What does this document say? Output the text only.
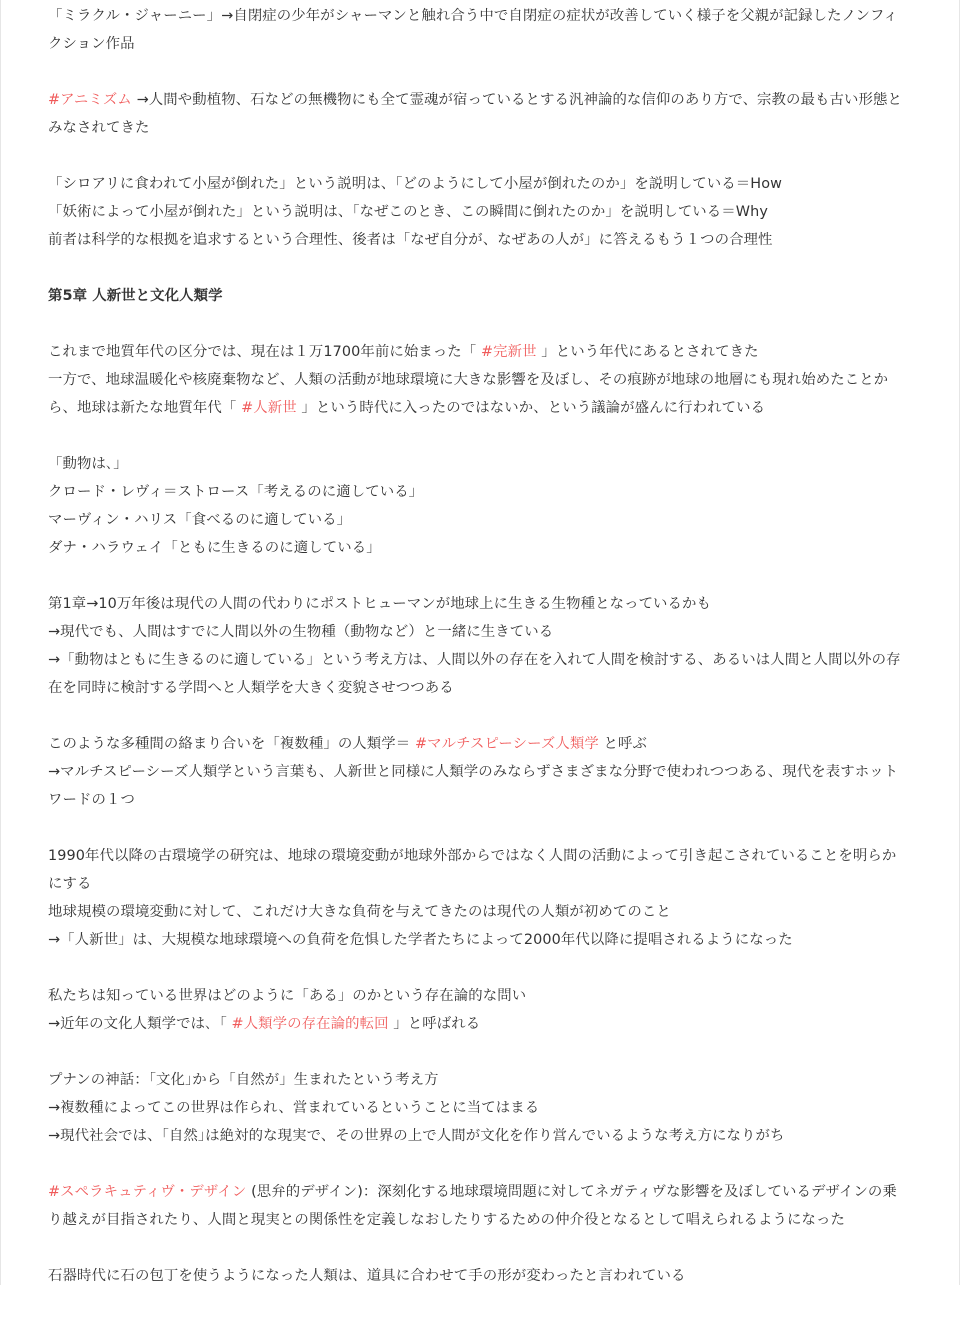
「ミラクル・ジャーニー」→自閉症の少年がシャーマンと触れ合う中で自閉症の症状が改善していく様子を父親が記録したノンフィクション作品
#アニミズム →人間や動植物、石などの無機物にも全て霊魂が宿っているとする汎神論的な信仰のあり方で、宗教の最も古い形態とみなされてきた
「シロアリに食われて小屋が倒れた」という説明は、「どのようにして小屋が倒れたのか」を説明している＝How
「妖術によって小屋が倒れた」という説明は、「なぜこのとき、この瞬間に倒れたのか」を説明している＝Why
前者は科学的な根拠を追求するという合理性、後者は「なぜ自分が、なぜあの人が」に答えるもう１つの合理性
第5章 人新世と文化人類学
これまで地質年代の区分では、現在は１万1700年前に始まった「 #完新世 」という年代にあるとされてきた
一方で、地球温暖化や核廃棄物など、人類の活動が地球環境に大きな影響を及ぼし、その痕跡が地球の地層にも現れ始めたことから、地球は新たな地質年代「 #人新世 」という時代に入ったのではないか、という議論が盛んに行われている
「動物は､」
クロード・レヴィ＝ストロース「考えるのに適している」
マーヴィン・ハリス「食べるのに適している」
ダナ・ハラウェイ「ともに生きるのに適している」
第1章→10万年後は現代の人間の代わりにポストヒューマンが地球上に生きる生物種となっているかも
→現代でも、人間はすでに人間以外の生物種（動物など）と一緒に生きている
→「動物はともに生きるのに適している」という考え方は、人間以外の存在を入れて人間を検討する、あるいは人間と人間以外の存在を同時に検討する学問へと人類学を大きく変貌させつつある
このような多種間の絡まり合いを「複数種」の人類学＝ #マルチスピーシーズ人類学 と呼ぶ
→マルチスピーシーズ人類学という言葉も、人新世と同様に人類学のみならずさまざまな分野で使われつつある、現代を表すホットワードの１つ
1990年代以降の古環境学の研究は、地球の環境変動が地球外部からではなく人間の活動によって引き起こされていることを明らかにする
地球規模の環境変動に対して、これだけ大きな負荷を与えてきたのは現代の人類が初めてのこと
→「人新世」は、大規模な地球環境への負荷を危惧した学者たちによって2000年代以降に提唱されるようになった
私たちは知っている世界はどのように「ある」のかという存在論的な問い
→近年の文化人類学では､「 #人類学の存在論的転回 」と呼ばれる
プナンの神話：｢文化｣から「自然が」生まれたという考え方
→複数種によってこの世界は作られ、営まれているということに当てはまる
→現代社会では、｢自然｣は絶対的な現実で、その世界の上で人間が文化を作り営んでいるような考え方になりがち
#スペラキュティヴ・デザイン (思弁的デザイン)：深刻化する地球環境問題に対してネガティヴな影響を及ぼしているデザインの乗り越えが目指されたり、人間と現実との関係性を定義しなおしたりするための仲介役となるとして唱えられるようになった
石器時代に石の包丁を使うようになった人類は、道具に合わせて手の形が変わったと言われている
